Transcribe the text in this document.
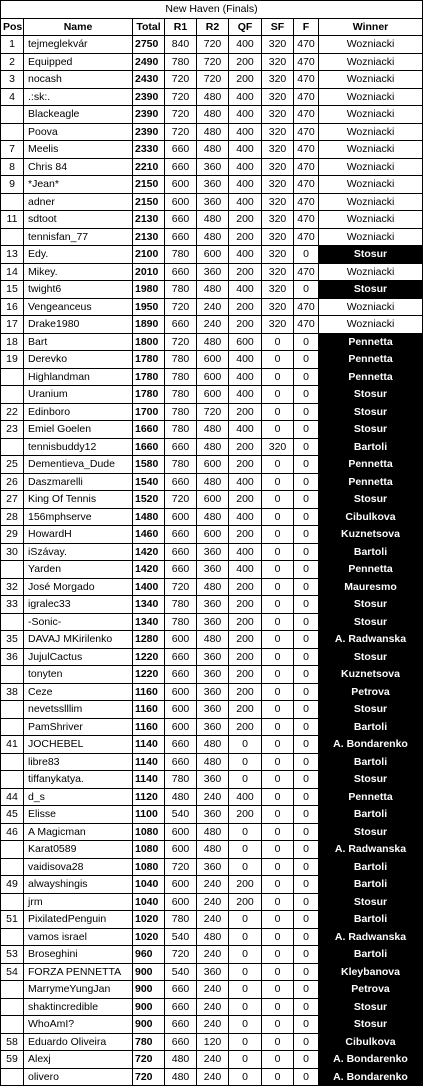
New Haven (Finals)								
Pos	Name	Total	R1	R2	QF	SF	F	Winner
1	tejmeglekvár	2750	840	720	400	320	470	Wozniacki
2	Equipped	2490	780	720	200	320	470	Wozniacki
3	nocash	2430	720	720	200	320	470	Wozniacki
4	.:sk:.	2390	720	480	400	320	470	Wozniacki
	Blackeagle	2390	720	480	400	320	470	Wozniacki
	Poova	2390	720	480	400	320	470	Wozniacki
7	Meelis	2330	660	480	400	320	470	Wozniacki
8	Chris 84	2210	660	360	400	320	470	Wozniacki
9	*Jean*	2150	600	360	400	320	470	Wozniacki
	adner	2150	600	360	400	320	470	Wozniacki
11	sdtoot	2130	660	480	200	320	470	Wozniacki
	tennisfan_77	2130	660	480	200	320	470	Wozniacki
13	Edy.	2100	780	600	400	320	0	Stosur
14	Mikey.	2010	660	360	200	320	470	Wozniacki
15	twight6	1980	780	480	400	320	0	Stosur
16	Vengeanceus	1950	720	240	200	320	470	Wozniacki
17	Drake1980	1890	660	240	200	320	470	Wozniacki
18	Bart	1800	720	480	600	0	0	Pennetta
19	Derevko	1780	780	600	400	0	0	Pennetta
	Highlandman	1780	780	600	400	0	0	Pennetta
	Uranium	1780	780	600	400	0	0	Stosur
22	Edinboro	1700	780	720	200	0	0	Stosur
23	Emiel Goelen	1660	780	480	400	0	0	Stosur
	tennisbuddy12	1660	660	480	200	320	0	Bartoli
25	Dementieva_Dude	1580	780	600	200	0	0	Pennetta
26	Daszmarelli	1540	660	480	400	0	0	Pennetta
27	King Of Tennis	1520	720	600	200	0	0	Stosur
28	156mphserve	1480	600	480	400	0	0	Cibulkova
29	HowardH	1460	660	600	200	0	0	Kuznetsova
30	iSzávay.	1420	660	360	400	0	0	Bartoli
	Yarden	1420	660	360	400	0	0	Pennetta
32	José Morgado	1400	720	480	200	0	0	Mauresmo
33	igralec33	1340	780	360	200	0	0	Stosur
	-Sonic-	1340	780	360	200	0	0	Stosur
35	DAVAJ MKirilenko	1280	600	480	200	0	0	A. Radwanska
36	JujulCactus	1220	660	360	200	0	0	Stosur
	tonyten	1220	660	360	200	0	0	Kuznetsova
38	Ceze	1160	600	360	200	0	0	Petrova
	nevetsslllim	1160	600	360	200	0	0	Stosur
	PamShriver	1160	600	360	200	0	0	Bartoli
41	JOCHEBEL	1140	660	480	0	0	0	A. Bondarenko
	libre83	1140	660	480	0	0	0	Bartoli
	tiffanykatya.	1140	780	360	0	0	0	Stosur
44	d_s	1120	480	240	400	0	0	Pennetta
45	Elisse	1100	540	360	200	0	0	Bartoli
46	A Magicman	1080	600	480	0	0	0	Stosur
	Karat0589	1080	600	480	0	0	0	A. Radwanska
	vaidisova28	1080	720	360	0	0	0	Bartoli
49	alwayshingis	1040	600	240	200	0	0	Bartoli
	jrm	1040	600	240	200	0	0	Stosur
51	PixilatedPenguin	1020	780	240	0	0	0	Bartoli
	vamos israel	1020	540	480	0	0	0	A. Radwanska
53	Broseghini	960	720	240	0	0	0	Bartoli
54	FORZA PENNETTA	900	540	360	0	0	0	Kleybanova
	MarrymeYungJan	900	660	240	0	0	0	Petrova
	shaktincredible	900	660	240	0	0	0	Stosur
	WhoAmI?	900	660	240	0	0	0	Stosur
58	Eduardo Oliveira	780	660	120	0	0	0	Cibulkova
59	Alexj	720	480	240	0	0	0	A. Bondarenko
	olivero	720	480	240	0	0	0	A. Bondarenko
